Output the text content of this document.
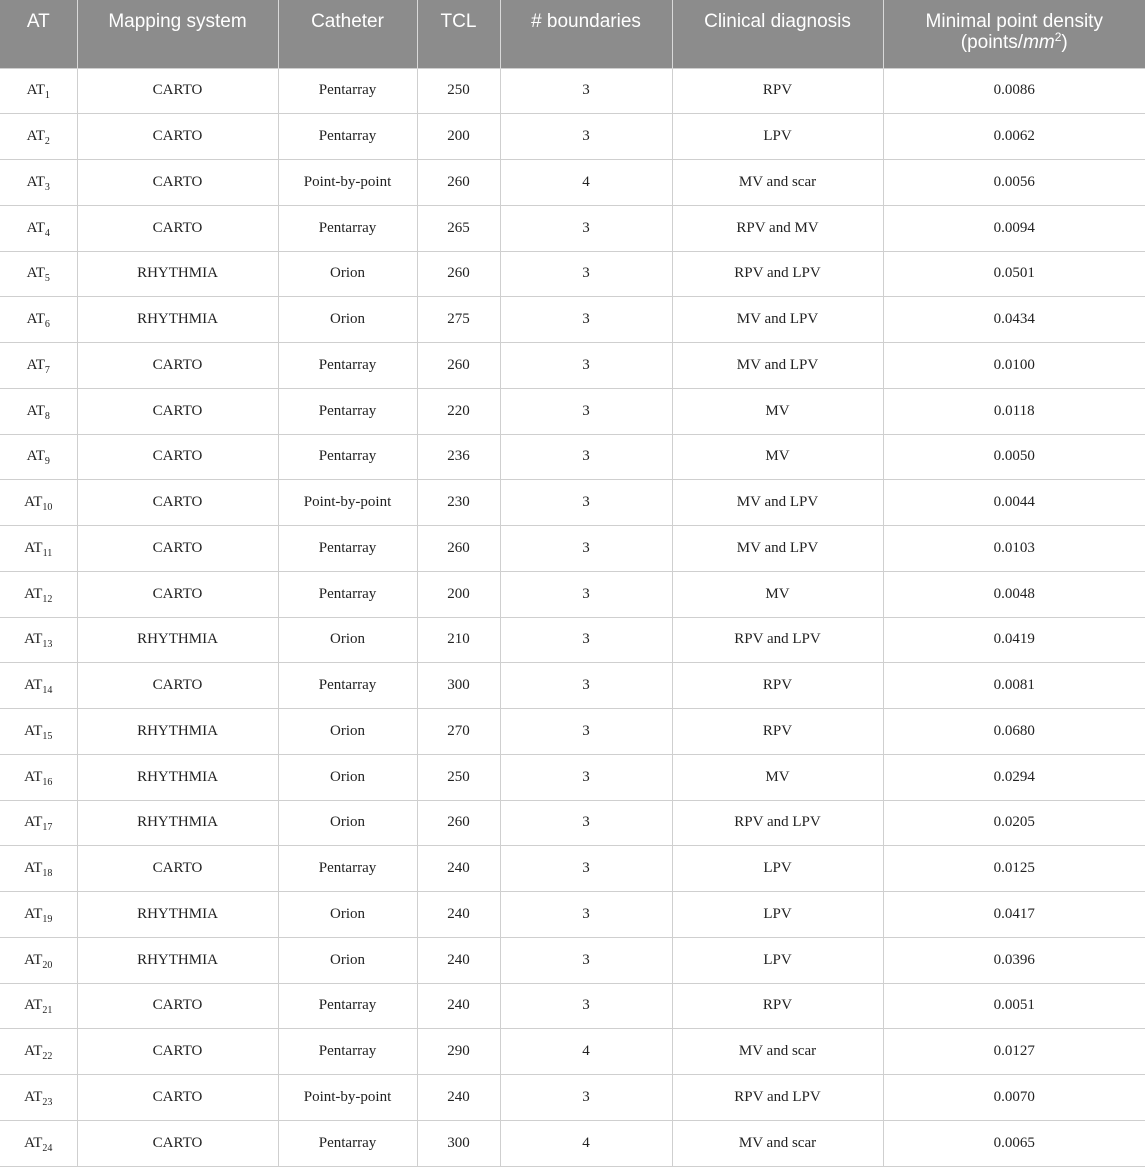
AT	Mapping system	Catheter	TCL	# boundaries	Clinical diagnosis	Minimal point density
$(points/mm^2)$

$AT_1$	CARTO	Pentarray	250	3	RPV	0.0086
$AT_2$	CARTO	Pentarray	200	3	LPV	0.0062
$AT_3$	CARTO	Point-by-point	260	4	MV and scar	0.0056
$AT_4$	CARTO	Pentarray	265	3	RPV and MV	0.0094
$AT_5$	RHYTHMIA	Orion	260	3	RPV and LPV	0.0501
$AT_6$	RHYTHMIA	Orion	275	3	MV and LPV	0.0434
$AT_7$	CARTO	Pentarray	260	3	MV and LPV	0.0100
$AT_8$	CARTO	Pentarray	220	3	MV	0.0118
$AT_9$	CARTO	Pentarray	236	3	MV	0.0050
$AT_{10}$	CARTO	Point-by-point	230	3	MV and LPV	0.0044
$AT_{11}$	CARTO	Pentarray	260	3	MV and LPV	0.0103
$AT_{12}$	CARTO	Pentarray	200	3	MV	0.0048
$AT_{13}$	RHYTHMIA	Orion	210	3	RPV and LPV	0.0419
$AT_{14}$	CARTO	Pentarray	300	3	RPV	0.0081
$AT_{15}$	RHYTHMIA	Orion	270	3	RPV	0.0680
$AT_{16}$	RHYTHMIA	Orion	250	3	MV	0.0294
$AT_{17}$	RHYTHMIA	Orion	260	3	RPV and LPV	0.0205
$AT_{18}$	CARTO	Pentarray	240	3	LPV	0.0125
$AT_{19}$	RHYTHMIA	Orion	240	3	LPV	0.0417
$AT_{20}$	RHYTHMIA	Orion	240	3	LPV	0.0396
$AT_{21}$	CARTO	Pentarray	240	3	RPV	0.0051
$AT_{22}$	CARTO	Pentarray	290	4	MV and scar	0.0127
$AT_{23}$	CARTO	Point-by-point	240	3	RPV and LPV	0.0070
$AT_{24}$	CARTO	Pentarray	300	4	MV and scar	0.0065
